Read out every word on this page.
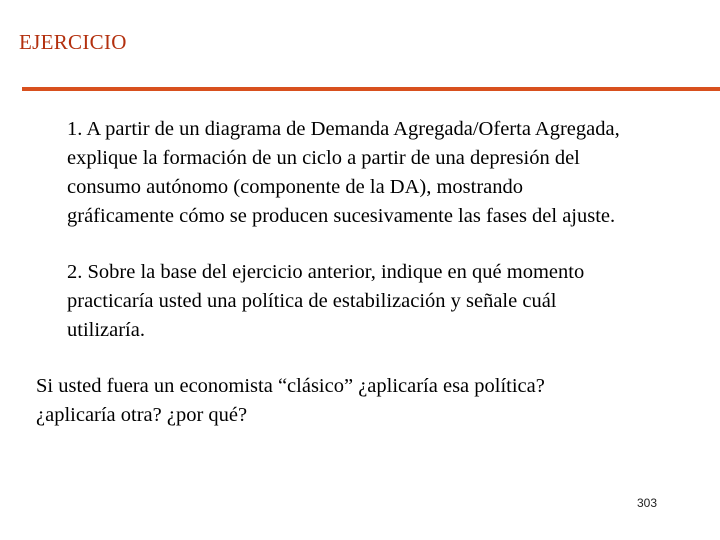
EJERCICIO
1. A partir de un diagrama de Demanda Agregada/Oferta Agregada,
explique la formación de un ciclo a partir de una depresión del
consumo autónomo (componente de la DA), mostrando
gráficamente cómo se producen sucesivamente las fases del ajuste.
2. Sobre la base del ejercicio anterior, indique en qué momento
practicaría usted una política de estabilización y señale cuál
utilizaría.
Si usted fuera un economista “clásico” ¿aplicaría esa política?
¿aplicaría otra? ¿por qué?
303
